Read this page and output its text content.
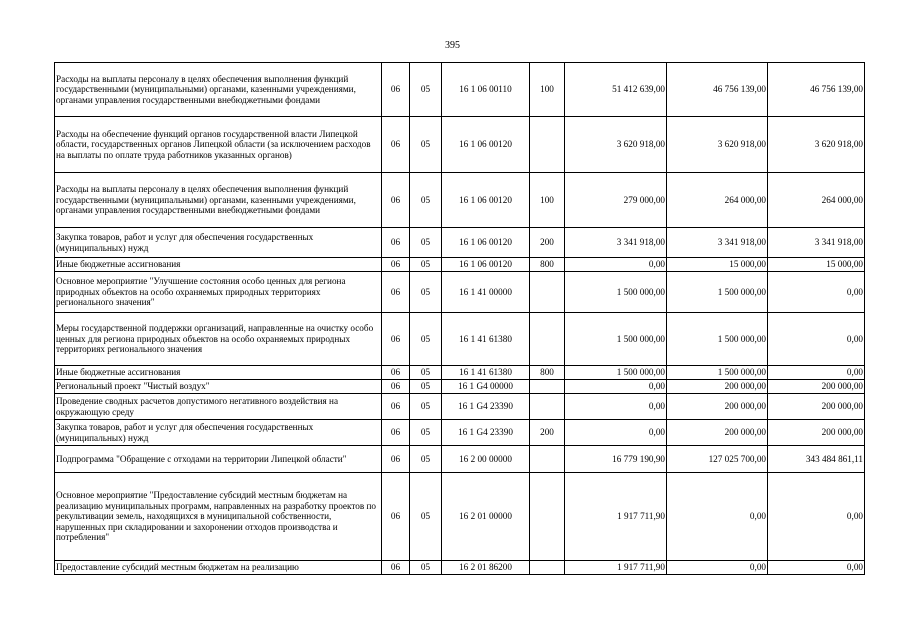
395
Расходы на выплаты персоналу в целях обеспечения выполнения функций государственными (муниципальными) органами, казенными учреждениями, органами управления государственными внебюджетными фондами	06	05	16 1 06 00110	100	51 412 639,00	46 756 139,00	46 756 139,00
Расходы на обеспечение функций органов государственной власти Липецкой области, государственных органов Липецкой области (за исключением расходов на выплаты по оплате труда работников указанных органов)	06	05	16 1 06 00120		3 620 918,00	3 620 918,00	3 620 918,00
Расходы на выплаты персоналу в целях обеспечения выполнения функций государственными (муниципальными) органами, казенными учреждениями, органами управления государственными внебюджетными фондами	06	05	16 1 06 00120	100	279 000,00	264 000,00	264 000,00
Закупка товаров, работ и услуг для обеспечения государственных (муниципальных) нужд	06	05	16 1 06 00120	200	3 341 918,00	3 341 918,00	3 341 918,00
Иные бюджетные ассигнования	06	05	16 1 06 00120	800	0,00	15 000,00	15 000,00
Основное мероприятие "Улучшение состояния особо ценных для региона природных объектов на особо охраняемых природных территориях регионального значения"	06	05	16 1 41 00000		1 500 000,00	1 500 000,00	0,00
Меры государственной поддержки организаций, направленные на очистку особо ценных для региона природных объектов на особо охраняемых природных территориях регионального значения	06	05	16 1 41 61380		1 500 000,00	1 500 000,00	0,00
Иные бюджетные ассигнования	06	05	16 1 41 61380	800	1 500 000,00	1 500 000,00	0,00
Региональный проект "Чистый воздух"	06	05	16 1 G4 00000		0,00	200 000,00	200 000,00
Проведение сводных расчетов допустимого негативного воздействия на окружающую среду	06	05	16 1 G4 23390		0,00	200 000,00	200 000,00
Закупка товаров, работ и услуг для обеспечения государственных (муниципальных) нужд	06	05	16 1 G4 23390	200	0,00	200 000,00	200 000,00
Подпрограмма "Обращение с отходами на территории Липецкой области"	06	05	16 2 00 00000		16 779 190,90	127 025 700,00	343 484 861,11
Основное мероприятие "Предоставление субсидий местным бюджетам на реализацию муниципальных программ, направленных на разработку проектов по рекультивации земель, находящихся в муниципальной собственности, нарушенных при складировании и захоронении отходов производства и потребления"	06	05	16 2 01 00000		1 917 711,90	0,00	0,00
Предоставление субсидий местным бюджетам на реализацию	06	05	16 2 01 86200		1 917 711,90	0,00	0,00
